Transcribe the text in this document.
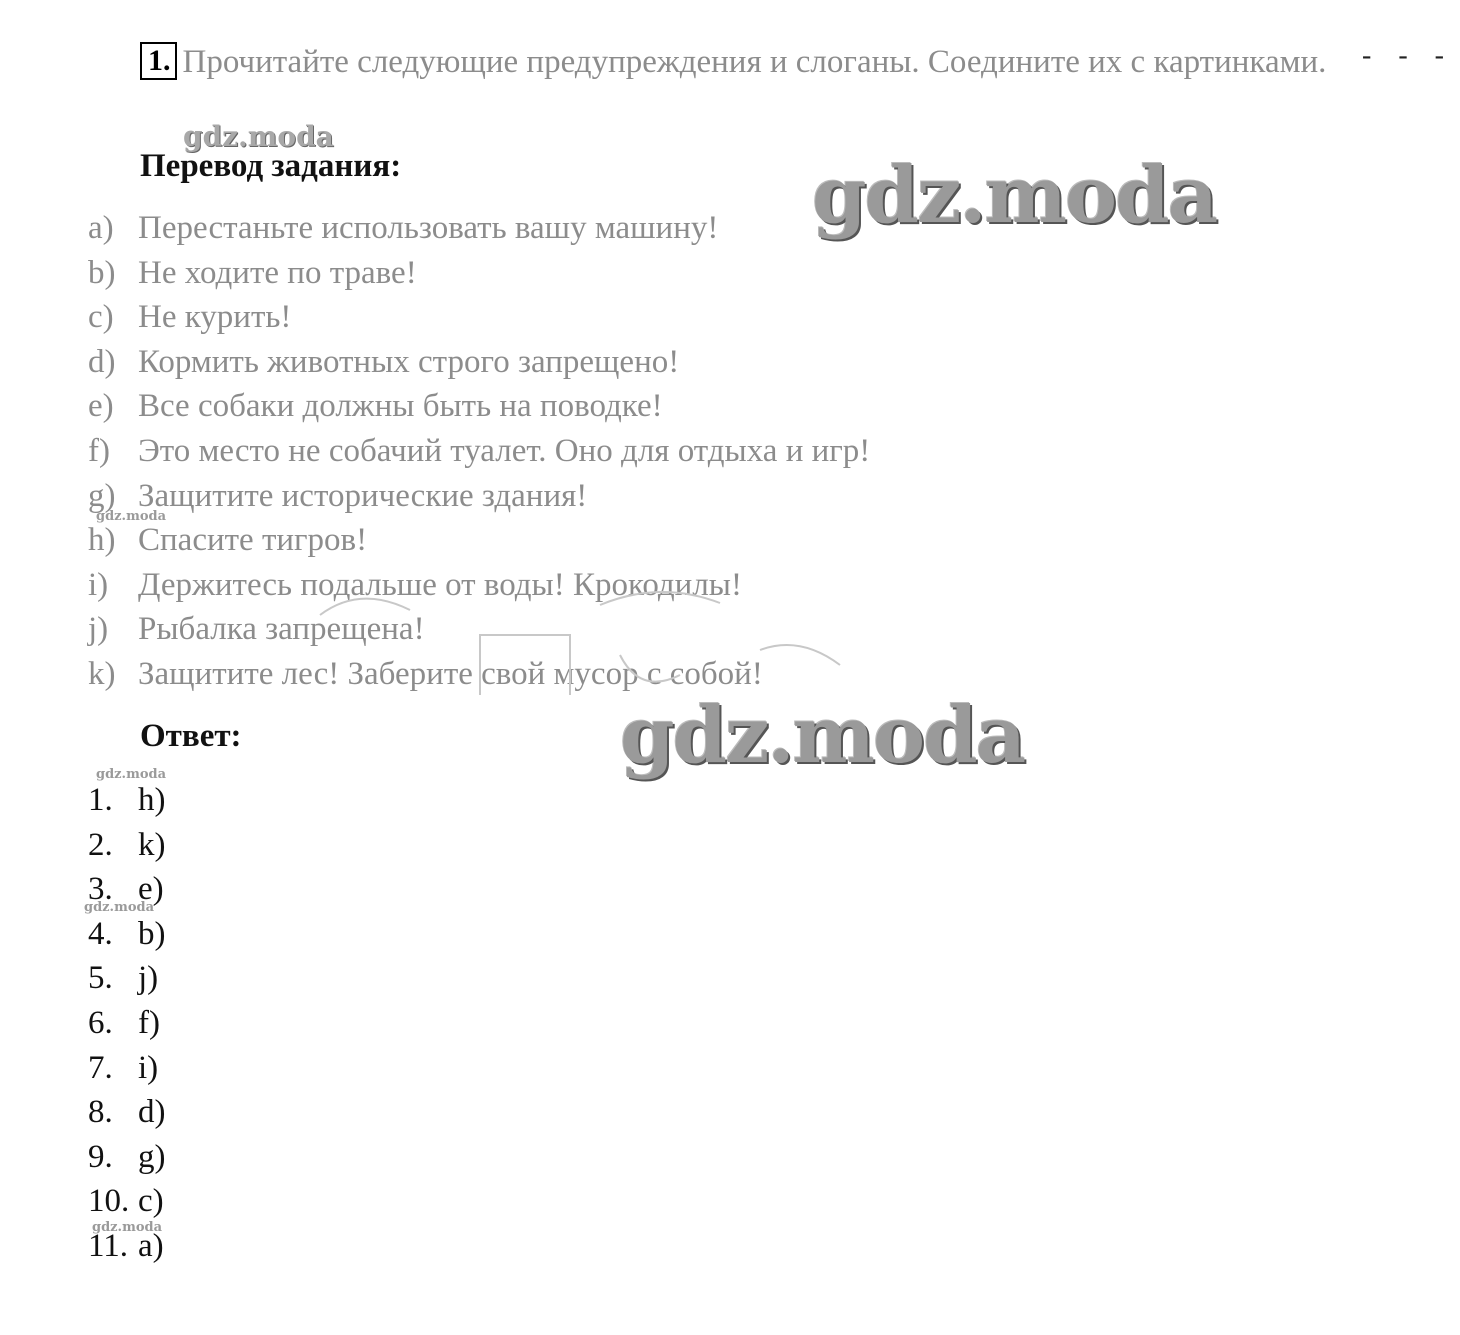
1. Прочитайте следующие предупреждения и слоганы. Соедините их с картинками.	‐ ‐ ‐
Перевод задания:
a) Перестаньте использовать вашу машину!
b) Не ходите по траве!
c) Не курить!
d) Кормить животных строго запрещено!
e) Все собаки должны быть на поводке!
f) Это место не собачий туалет. Оно для отдыха и игр!
g) Защитите исторические здания!
h) Спасите тигров!
i) Держитесь подальше от воды! Крокодилы!
j) Рыбалка запрещена!
k) Защитите лес! Заберите свой мусор с собой!
Ответ:
1. h)
2. k)
3. e)
4. b)
5. j)
6. f)
7. i)
8. d)
9. g)
10. c)
11. a)
gdz.moda
gdz.moda
gdz.moda
gdz.moda
gdz.moda
gdz.moda
gdz.moda
